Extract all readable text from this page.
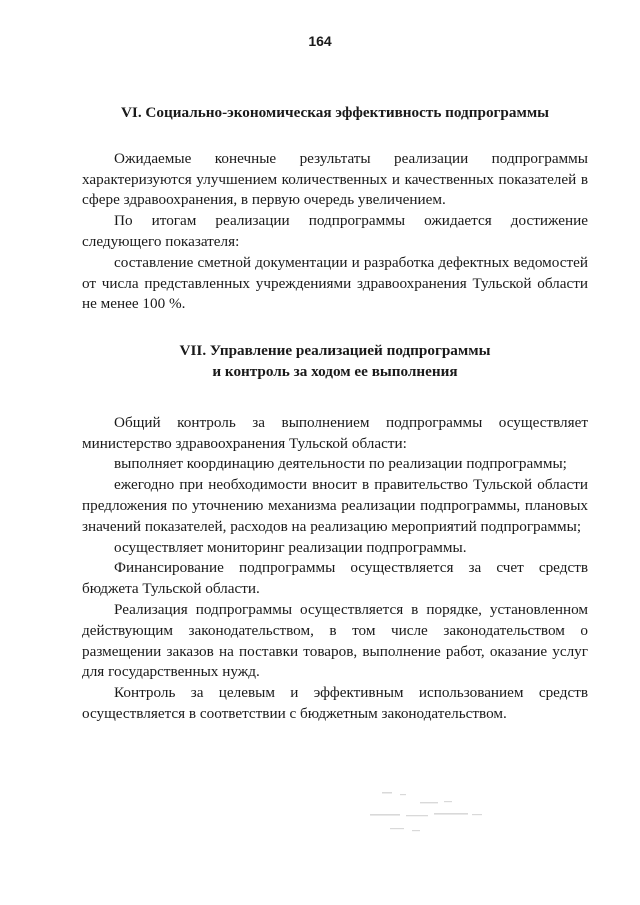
164
VI. Социально-экономическая эффективность подпрограммы

Ожидаемые конечные результаты реализации подпрограммы характеризуются улучшением количественных и качественных показателей в сфере здравоохранения, в первую очередь увеличением.

По итогам реализации подпрограммы ожидается достижение следующего показателя:

составление сметной документации и разработка дефектных ведомостей от числа представленных учреждениями здравоохранения Тульской области не менее 100 %.

VII. Управление реализацией подпрограммы
и контроль за ходом ее выполнения

Общий контроль за выполнением подпрограммы осуществляет министерство здравоохранения Тульской области:

выполняет координацию деятельности по реализации подпрограммы;

ежегодно при необходимости вносит в правительство Тульской области предложения по уточнению механизма реализации подпрограммы, плановых значений показателей, расходов на реализацию мероприятий подпрограммы;

осуществляет мониторинг реализации подпрограммы.

Финансирование подпрограммы осуществляется за счет средств бюджета Тульской области.

Реализация подпрограммы осуществляется в порядке, установленном действующим законодательством, в том числе законодательством о размещении заказов на поставки товаров, выполнение работ, оказание услуг для государственных нужд.

Контроль за целевым и эффективным использованием средств осуществляется в соответствии с бюджетным законодательством.
